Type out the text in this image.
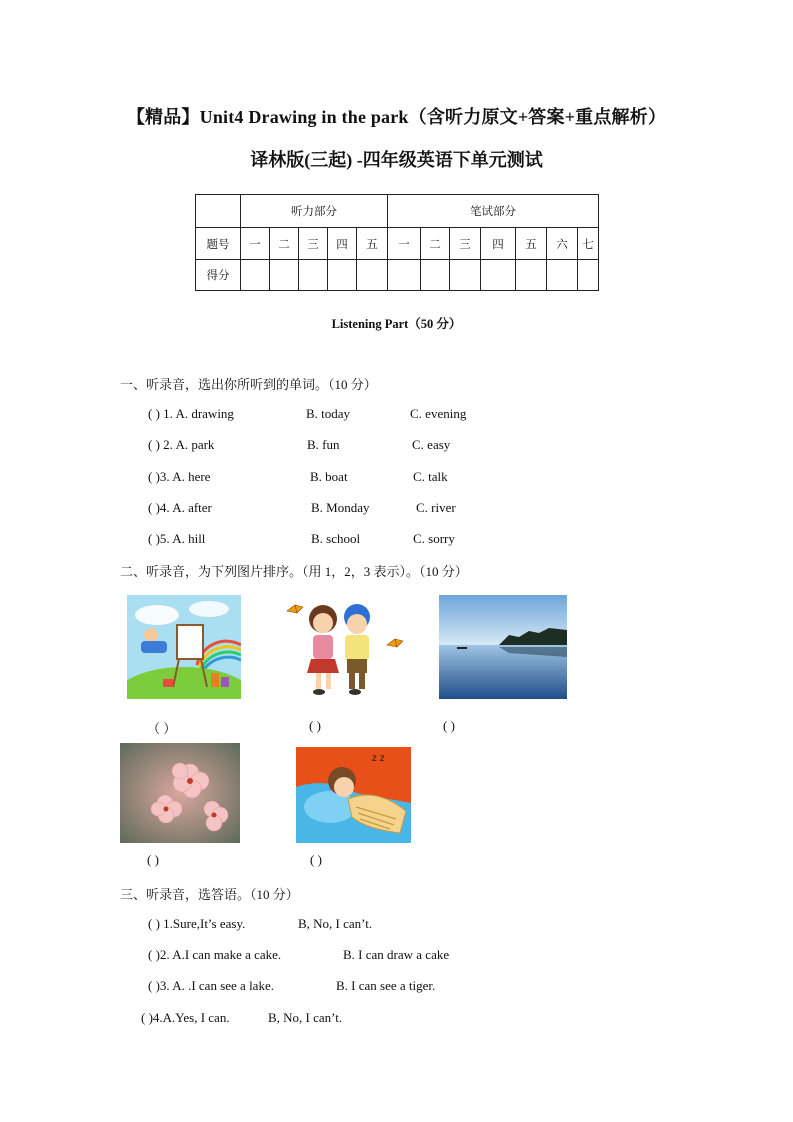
【精品】Unit4 Drawing in the park（含听力原文+答案+重点解析）
译林版(三起) -四年级英语下单元测试
	听力部分					笔试部分						
题号	一	二	三	四	五	一	二	三	四	五	六	七
得分												
Listening Part（50 分）
一、听录音，选出你所听到的单词。（10 分）
( ) 1. A. drawing	B. today	C. evening
( ) 2. A. park	B. fun	C. easy
( )3. A. here	B. boat	C. talk
( )4. A. after	B. Monday	C. river
( )5. A. hill	B. school	C. sorry
二、听录音，为下列图片排序。（用 1，2，3 表示）。（10 分）
（ ）	( )	( )
z z
( )	( )
三、听录音，选答语。（10 分）
( ) 1.Sure,It’s easy.	B, No, I can’t.
( )2. A.I can make a cake.	B. I can draw a cake
( )3. A. .I can see a lake.	B. I can see a tiger.
( )4.A.Yes, I can.	B, No, I can’t.
